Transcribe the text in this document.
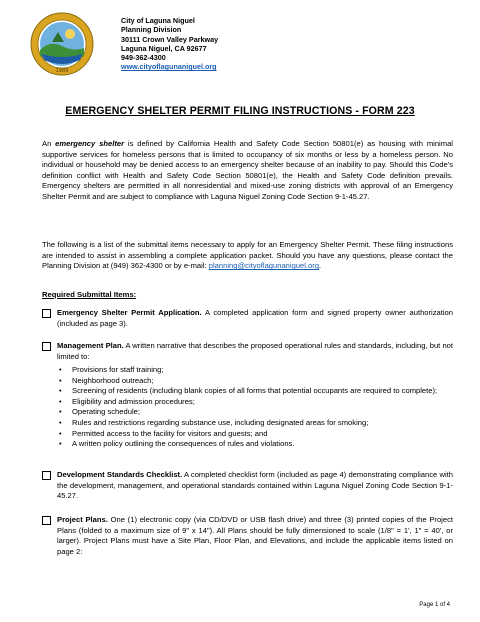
1989
City of Laguna Niguel
Planning Division
30111 Crown Valley Parkway
Laguna Niguel, CA 92677
949-362-4300
www.cityoflagunaniguel.org
EMERGENCY SHELTER PERMIT FILING INSTRUCTIONS - FORM 223
An emergency shelter is defined by California Health and Safety Code Section 50801(e) as housing with minimal supportive services for homeless persons that is limited to occupancy of six months or less by a homeless person. No individual or household may be denied access to an emergency shelter because of an inability to pay. Should this Code's definition conflict with Health and Safety Code Section 50801(e), the Health and Safety Code definition prevails. Emergency shelters are permitted in all nonresidential and mixed-use zoning districts with approval of an Emergency Shelter Permit and are subject to compliance with Laguna Niguel Zoning Code Section 9-1-45.27.
The following is a list of the submittal items necessary to apply for an Emergency Shelter Permit. These filing instructions are intended to assist in assembling a complete application packet. Should you have any questions, please contact the Planning Division at (949) 362-4300 or by e-mail: planning@cityoflagunaniguel.org.
Required Submittal Items:
Emergency Shelter Permit Application. A completed application form and signed property owner authorization (included as page 3).
Management Plan. A written narrative that describes the proposed operational rules and standards, including, but not limited to:
• Provisions for staff training;
• Neighborhood outreach;
• Screening of residents (including blank copies of all forms that potential occupants are required to complete);
• Eligibility and admission procedures;
• Operating schedule;
• Rules and restrictions regarding substance use, including designated areas for smoking;
• Permitted access to the facility for visitors and guests; and
• A written policy outlining the consequences of rules and violations.
Development Standards Checklist. A completed checklist form (included as page 4) demonstrating compliance with the development, management, and operational standards contained within Laguna Niguel Zoning Code Section 9-1-45.27.
Project Plans. One (1) electronic copy (via CD/DVD or USB flash drive) and three (3) printed copies of the Project Plans (folded to a maximum size of 9" x 14"). All Plans should be fully dimensioned to scale (1/8" = 1', 1" = 40', or larger). Project Plans must have a Site Plan, Floor Plan, and Elevations, and include the applicable items listed on page 2:
Page 1 of 4
